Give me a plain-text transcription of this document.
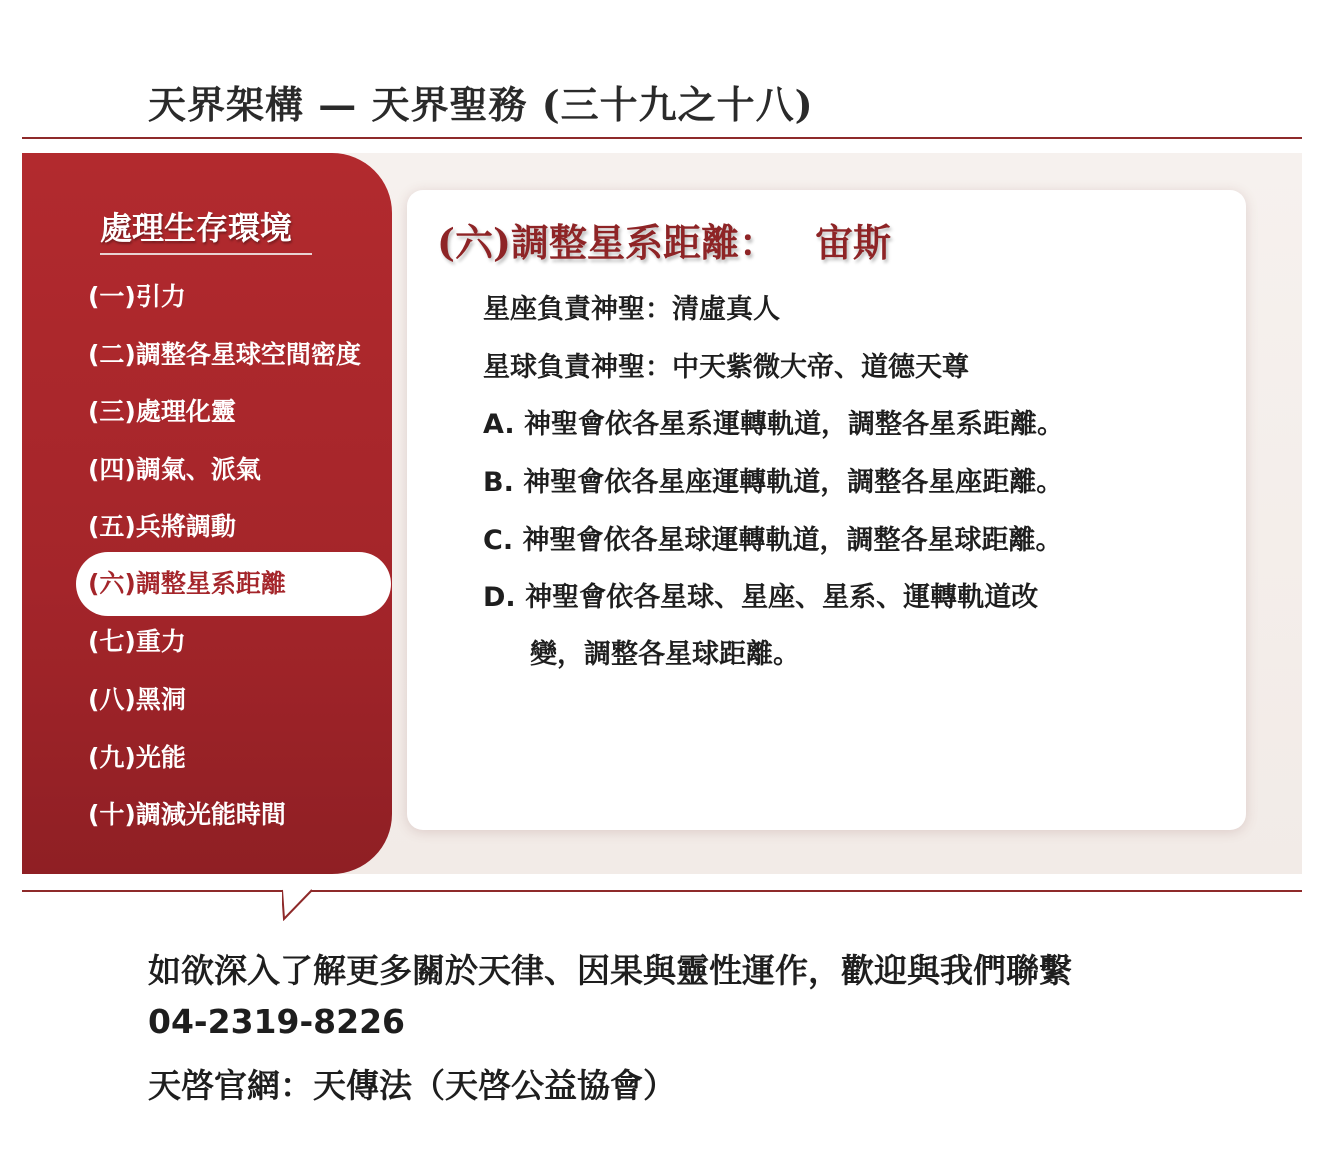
天界架構 — 天界聖務 (三十九之十八)
處理生存環境
(一)引力
(二)調整各星球空間密度
(三)處理化靈
(四)調氣、派氣
(五)兵將調動
(六)調整星系距離
(七)重力
(八)黑洞
(九)光能
(十)調減光能時間
(六)調整星系距離： 宙斯
星座負責神聖：清虛真人
星球負責神聖：中天紫微大帝、道德天尊
A. 神聖會依各星系運轉軌道，調整各星系距離。
B. 神聖會依各星座運轉軌道，調整各星座距離。
C. 神聖會依各星球運轉軌道，調整各星球距離。
D. 神聖會依各星球、星座、星系、運轉軌道改
變，調整各星球距離。
如欲深入了解更多關於天律、因果與靈性運作，歡迎與我們聯繫
04-2319-8226
天啓官網：天傳法（天啓公益協會）
